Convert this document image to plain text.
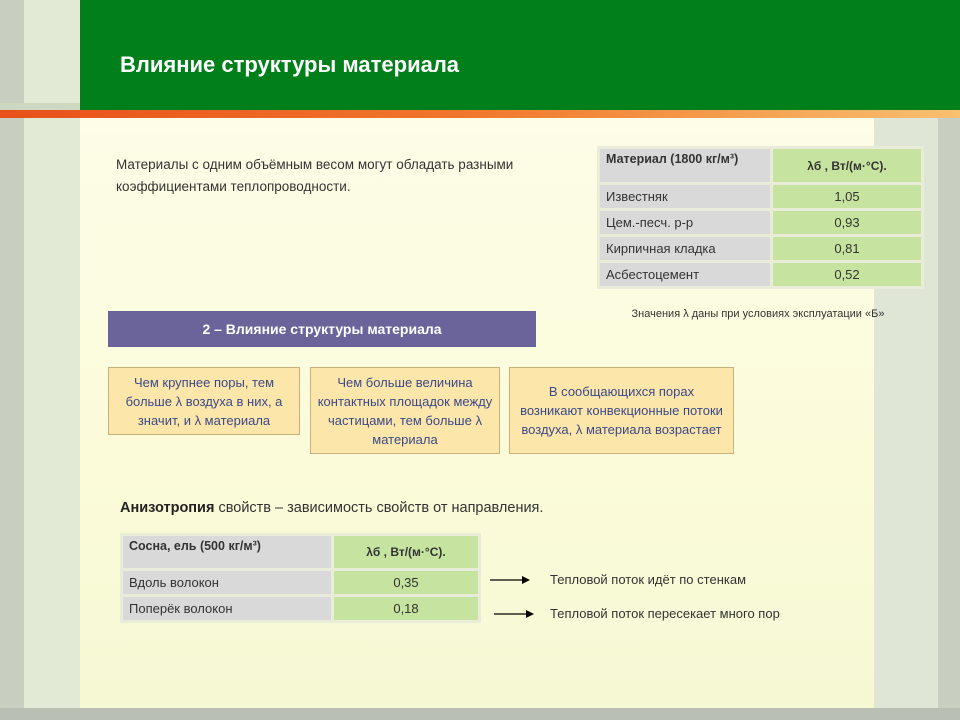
Влияние структуры материала
Материалы с одним объёмным весом могут обладать разными коэффициентами теплопроводности.
Материал (1800 кг/м³)	λб , Вт/(м·°С).
Известняк	1,05
Цем.-песч. р-р	0,93
Кирпичная кладка	0,81
Асбестоцемент	0,52
Значения λ даны при условиях эксплуатации «Б»
2 – Влияние структуры материала
Чем крупнее поры, тем больше λ воздуха в них, а значит, и λ материала
Чем больше величина контактных площадок между частицами, тем больше λ материала
В сообщающихся порах возникают конвекционные потоки воздуха, λ материала возрастает
Анизотропия свойств – зависимость свойств от направления.
Сосна, ель (500 кг/м³)	λб , Вт/(м·°С).
Вдоль волокон	0,35
Поперёк волокон	0,18
Тепловой поток идёт по стенкам
Тепловой поток пересекает много пор
